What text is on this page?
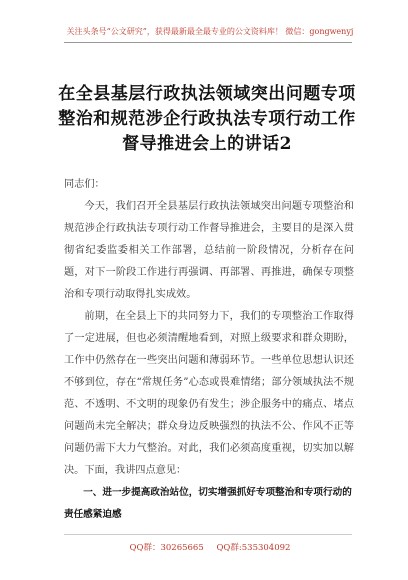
关注头条号“公文研究”，获得最新最全最专业的公文资料库！ 微信：gongwenyj
在全县基层行政执法领域突出问题专项整治和规范涉企行政执法专项行动工作督导推进会上的讲话2

同志们：

今天，我们召开全县基层行政执法领域突出问题专项整治和规范涉企行政执法专项行动工作督导推进会，主要目的是深入贯彻省纪委监委相关工作部署，总结前一阶段情况，分析存在问题，对下一阶段工作进行再强调、再部署、再推进，确保专项整治和专项行动取得扎实成效。

前期，在全县上下的共同努力下，我们的专项整治工作取得了一定进展，但也必须清醒地看到，对照上级要求和群众期盼，工作中仍然存在一些突出问题和薄弱环节。一些单位思想认识还不够到位，存在“常规任务”心态或畏难情绪；部分领域执法不规范、不透明、不文明的现象仍有发生；涉企服务中的痛点、堵点问题尚未完全解决；群众身边反映强烈的执法不公、作风不正等问题仍需下大力气整治。对此，我们必须高度重视，切实加以解决。下面，我讲四点意见：

一、进一步提高政治站位，切实增强抓好专项整治和专项行动的责任感紧迫感

QQ群：30265665 QQ群:535304092
